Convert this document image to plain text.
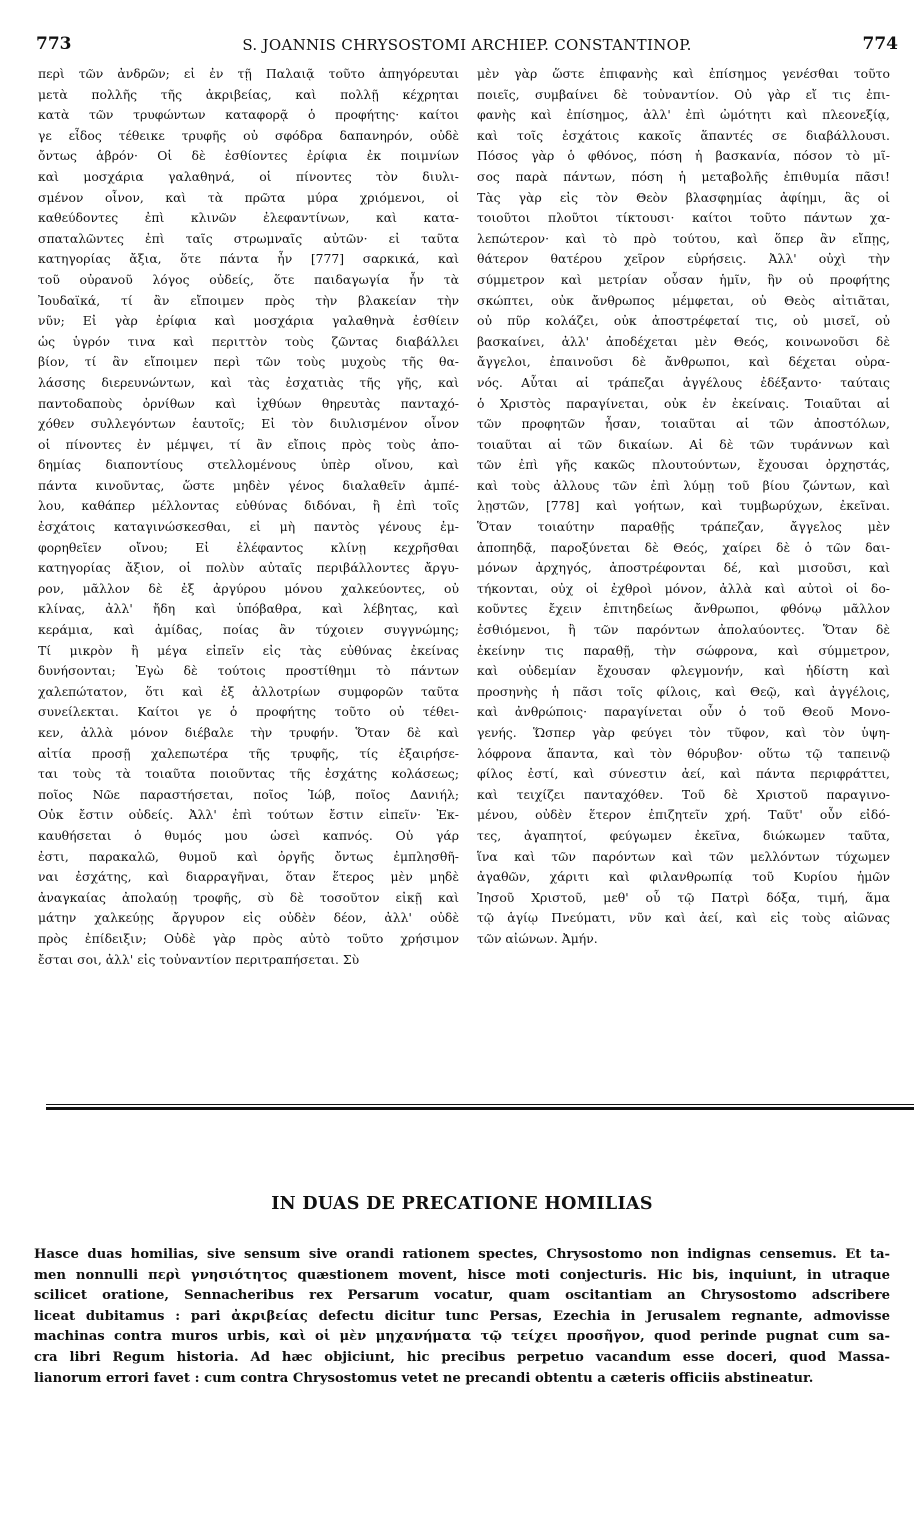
773	S. JOANNIS CHRYSOSTOMI ARCHIEP. CONSTANTINOP.	774
περὶ τῶν ἀνδρῶν; εἰ ἐν τῇ Παλαιᾷ τοῦτο ἀπηγόρευται
μετὰ πολλῆς τῆς ἀκριβείας, καὶ πολλῇ κέχρηται
κατὰ τῶν τρυφώντων καταφορᾷ ὁ προφήτης· καίτοι
γε εἶδος τέθεικε τρυφῆς οὐ σφόδρα δαπανηρόν, οὐδὲ
ὄντως ἁβρόν· Οἱ δὲ ἐσθίοντες ἐρίφια ἐκ ποιμνίων
καὶ μοσχάρια γαλαθηνά, οἱ πίνοντες τὸν διυλι-
σμένον οἶνον, καὶ τὰ πρῶτα μύρα χριόμενοι, οἱ
καθεύδοντες ἐπὶ κλινῶν ἐλεφαντίνων, καὶ κατα-
σπαταλῶντες ἐπὶ ταῖς στρωμναῖς αὐτῶν· εἰ ταῦτα
κατηγορίας ἄξια, ὅτε πάντα ἦν [777] σαρκικά, καὶ
τοῦ οὐρανοῦ λόγος οὐδείς, ὅτε παιδαγωγία ἦν τὰ
Ἰουδαϊκά, τί ἂν εἴποιμεν πρὸς τὴν βλακείαν τὴν
νῦν; Εἰ γὰρ ἐρίφια καὶ μοσχάρια γαλαθηνὰ ἐσθίειν
ὡς ὑγρόν τινα καὶ περιττὸν τοὺς ζῶντας διαβάλλει
βίον, τί ἂν εἴποιμεν περὶ τῶν τοὺς μυχοὺς τῆς θα-
λάσσης διερευνώντων, καὶ τὰς ἐσχατιὰς τῆς γῆς, καὶ
παντοδαποὺς ὀρνίθων καὶ ἰχθύων θηρευτὰς πανταχό-
χόθεν συλλεγόντων ἑαυτοῖς; Εἰ τὸν διυλισμένον οἶνον
οἱ πίνοντες ἐν μέμψει, τί ἂν εἴποις πρὸς τοὺς ἀπο-
δημίας διαποντίους στελλομένους ὑπὲρ οἴνου, καὶ
πάντα κινοῦντας, ὥστε μηδὲν γένος διαλαθεῖν ἀμπέ-
λου, καθάπερ μέλλοντας εὐθύνας διδόναι, ἢ ἐπὶ τοῖς
ἐσχάτοις καταγινώσκεσθαι, εἰ μὴ παντὸς γένους ἐμ-
φορηθεῖεν οἴνου; Εἰ ἐλέφαντος κλίνῃ κεχρῆσθαι
κατηγορίας ἄξιον, οἱ πολὺν αὐταῖς περιβάλλοντες ἄργυ-
ρον, μᾶλλον δὲ ἐξ ἀργύρου μόνου χαλκεύοντες, οὐ
κλίνας, ἀλλ' ἤδη καὶ ὑπόβαθρα, καὶ λέβητας, καὶ
κεράμια, καὶ ἀμίδας, ποίας ἂν τύχοιεν συγγνώμης;
Τί μικρὸν ἢ μέγα εἰπεῖν εἰς τὰς εὐθύνας ἐκείνας
δυνήσονται; Ἐγὼ δὲ τούτοις προστίθημι τὸ πάντων
χαλεπώτατον, ὅτι καὶ ἐξ ἀλλοτρίων συμφορῶν ταῦτα
συνείλεκται. Καίτοι γε ὁ προφήτης τοῦτο οὐ τέθει-
κεν, ἀλλὰ μόνον διέβαλε τὴν τρυφήν. Ὅταν δὲ καὶ
αἰτία προσῇ χαλεπωτέρα τῆς τρυφῆς, τίς ἐξαιρήσε-
ται τοὺς τὰ τοιαῦτα ποιοῦντας τῆς ἐσχάτης κολάσεως;
ποῖος Νῶε παραστήσεται, ποῖος Ἰώβ, ποῖος Δανιήλ;
Οὐκ ἔστιν οὐδείς. Ἀλλ' ἐπὶ τούτων ἔστιν εἰπεῖν· Ἐκ-
καυθήσεται ὁ θυμός μου ὡσεὶ καπνός. Οὐ γάρ
ἐστι, παρακαλῶ, θυμοῦ καὶ ὀργῆς ὄντως ἐμπλησθῆ-
ναι ἐσχάτης, καὶ διαρραγῆναι, ὅταν ἕτερος μὲν μηδὲ
ἀναγκαίας ἀπολαύῃ τροφῆς, σὺ δὲ τοσοῦτον εἰκῇ καὶ
μάτην χαλκεύῃς ἄργυρον εἰς οὐδὲν δέον, ἀλλ' οὐδὲ
πρὸς ἐπίδειξιν; Οὐδὲ γὰρ πρὸς αὐτὸ τοῦτο χρήσιμον
ἔσται σοι, ἀλλ' εἰς τοὐναντίον περιτραπήσεται. Σὺ
μὲν γὰρ ὥστε ἐπιφανὴς καὶ ἐπίσημος γενέσθαι τοῦτο
ποιεῖς, συμβαίνει δὲ τοὐναντίον. Οὐ γὰρ εἴ τις ἐπι-
φανὴς καὶ ἐπίσημος, ἀλλ' ἐπὶ ὠμότητι καὶ πλεονεξίᾳ,
καὶ τοῖς ἐσχάτοις κακοῖς ἅπαντές σε διαβάλλουσι.
Πόσος γὰρ ὁ φθόνος, πόση ἡ βασκανία, πόσον τὸ μῖ-
σος παρὰ πάντων, πόση ἡ μεταβολῆς ἐπιθυμία πᾶσι!
Τὰς γὰρ εἰς τὸν Θεὸν βλασφημίας ἀφίημι, ἃς οἱ
τοιοῦτοι πλοῦτοι τίκτουσι· καίτοι τοῦτο πάντων χα-
λεπώτερον· καὶ τὸ πρὸ τούτου, καὶ ὅπερ ἂν εἴπῃς,
θάτερον θατέρου χεῖρον εὑρήσεις. Ἀλλ' οὐχὶ τὴν
σύμμετρον καὶ μετρίαν οὖσαν ἡμῖν, ἣν οὐ προφήτης
σκώπτει, οὐκ ἄνθρωπος μέμφεται, οὐ Θεὸς αἰτιᾶται,
οὐ πῦρ κολάζει, οὐκ ἀποστρέφεταί τις, οὐ μισεῖ, οὐ
βασκαίνει, ἀλλ' ἀποδέχεται μὲν Θεός, κοινωνοῦσι δὲ
ἄγγελοι, ἐπαινοῦσι δὲ ἄνθρωποι, καὶ δέχεται οὐρα-
νός. Αὗται αἱ τράπεζαι ἀγγέλους ἐδέξαντο· ταύταις
ὁ Χριστὸς παραγίνεται, οὐκ ἐν ἐκείναις. Τοιαῦται αἱ
τῶν προφητῶν ἦσαν, τοιαῦται αἱ τῶν ἀποστόλων,
τοιαῦται αἱ τῶν δικαίων. Αἱ δὲ τῶν τυράννων καὶ
τῶν ἐπὶ γῆς κακῶς πλουτούντων, ἔχουσαι ὀρχηστάς,
καὶ τοὺς ἀλλους τῶν ἐπὶ λύμῃ τοῦ βίου ζώντων, καὶ
λῃστῶν, [778] καὶ γοήτων, καὶ τυμβωρύχων, ἐκεῖναι.
Ὅταν τοιαύτην παραθῇς τράπεζαν, ἄγγελος μὲν
ἀποπηδᾷ, παροξύνεται δὲ Θεός, χαίρει δὲ ὁ τῶν δαι-
μόνων ἀρχηγός, ἀποστρέφονται δέ, καὶ μισοῦσι, καὶ
τήκονται, οὐχ οἱ ἐχθροὶ μόνον, ἀλλὰ καὶ αὐτοὶ οἱ δο-
κοῦντες ἔχειν ἐπιτηδείως ἄνθρωποι, φθόνῳ μᾶλλον
ἐσθιόμενοι, ἢ τῶν παρόντων ἀπολαύοντες. Ὅταν δὲ
ἐκείνην τις παραθῇ, τὴν σώφρονα, καὶ σύμμετρον,
καὶ οὐδεμίαν ἔχουσαν φλεγμονήν, καὶ ἡδίστη καὶ
προσηνὴς ἡ πᾶσι τοῖς φίλοις, καὶ Θεῷ, καὶ ἀγγέλοις,
καὶ ἀνθρώποις· παραγίνεται οὖν ὁ τοῦ Θεοῦ Μονο-
γενής. Ὥσπερ γὰρ φεύγει τὸν τῦφον, καὶ τὸν ὑψη-
λόφρονα ἅπαντα, καὶ τὸν θόρυβον· οὕτω τῷ ταπεινῷ
φίλος ἐστί, καὶ σύνεστιν ἀεί, καὶ πάντα περιφράττει,
καὶ τειχίζει πανταχόθεν. Τοῦ δὲ Χριστοῦ παραγινο-
μένου, οὐδὲν ἕτερον ἐπιζητεῖν χρή. Ταῦτ' οὖν εἰδό-
τες, ἀγαπητοί, φεύγωμεν ἐκεῖνα, διώκωμεν ταῦτα,
ἵνα καὶ τῶν παρόντων καὶ τῶν μελλόντων τύχωμεν
ἀγαθῶν, χάριτι καὶ φιλανθρωπίᾳ τοῦ Κυρίου ἡμῶν
Ἰησοῦ Χριστοῦ, μεθ' οὗ τῷ Πατρὶ δόξα, τιμή, ἅμα
τῷ ἁγίῳ Πνεύματι, νῦν καὶ ἀεί, καὶ εἰς τοὺς αἰῶνας
τῶν αἰώνων. Ἀμήν.
IN DUAS DE PRECATIONE HOMILIAS
Hasce duas homilias, sive sensum sive orandi rationem spectes, Chrysostomo non indignas censemus. Et ta-
men nonnulli περὶ γνησιότητος quæstionem movent, hisce moti conjecturis. Hic bis, inquiunt, in utraque
scilicet oratione, Sennacheribus rex Persarum vocatur, quam oscitantiam an Chrysostomo adscribere
liceat dubitamus : pari ἀκριβείας defectu dicitur tunc Persas, Ezechia in Jerusalem regnante, admovisse
machinas contra muros urbis, καὶ οἱ μὲν μηχανήματα τῷ τείχει προσῆγον, quod perinde pugnat cum sa-
cra libri Regum historia. Ad hæc objiciunt, hic precibus perpetuo vacandum esse doceri, quod Massa-
lianorum errori favet : cum contra Chrysostomus vetet ne precandi obtentu a cæteris officiis abstineatur.
